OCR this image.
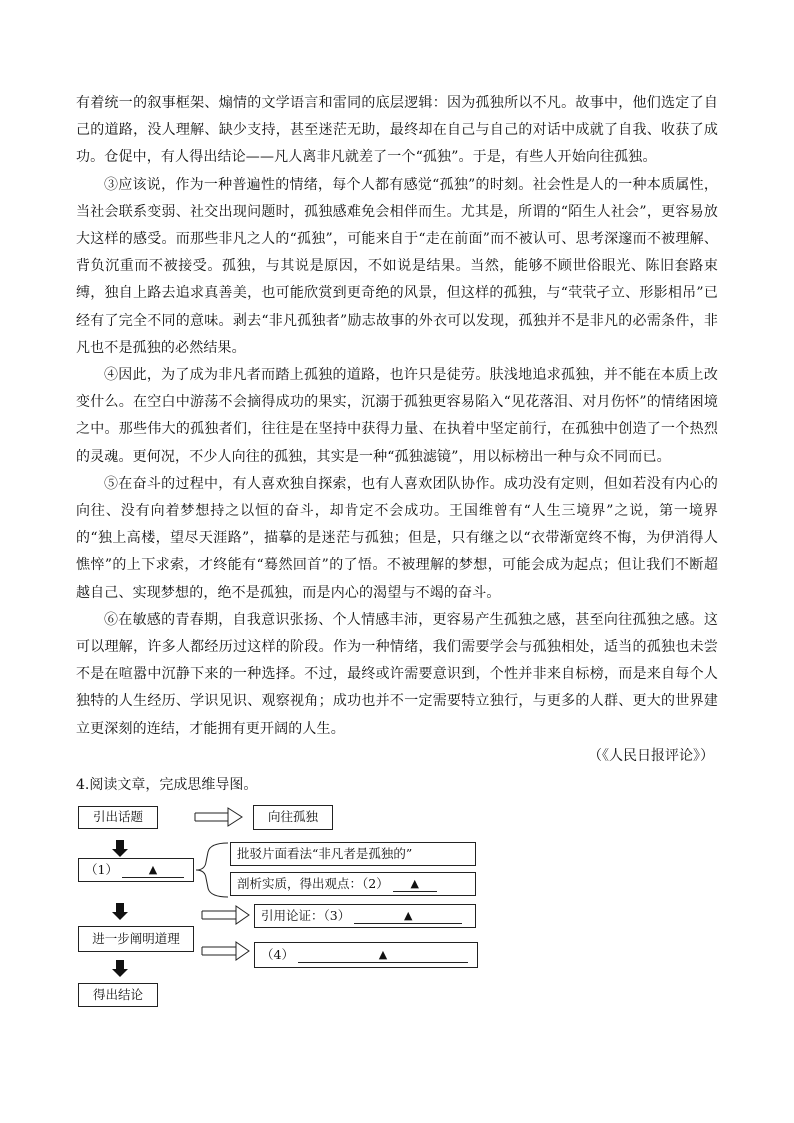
有着统一的叙事框架、煽情的文学语言和雷同的底层逻辑：因为孤独所以不凡。故事中，他们选定了自己的道路，没人理解、缺少支持，甚至迷茫无助，最终却在自己与自己的对话中成就了自我、收获了成功。仓促中，有人得出结论——凡人离非凡就差了一个“孤独”。于是，有些人开始向往孤独。

③应该说，作为一种普遍性的情绪，每个人都有感觉“孤独”的时刻。社会性是人的一种本质属性，当社会联系变弱、社交出现问题时，孤独感难免会相伴而生。尤其是，所谓的“陌生人社会”，更容易放大这样的感受。而那些非凡之人的“孤独”，可能来自于“走在前面”而不被认可、思考深邃而不被理解、背负沉重而不被接受。孤独，与其说是原因，不如说是结果。当然，能够不顾世俗眼光、陈旧套路束缚，独自上路去追求真善美，也可能欣赏到更奇绝的风景，但这样的孤独，与“茕茕孑立、形影相吊”已经有了完全不同的意味。剥去“非凡孤独者”励志故事的外衣可以发现，孤独并不是非凡的必需条件，非凡也不是孤独的必然结果。

④因此，为了成为非凡者而踏上孤独的道路，也许只是徒劳。肤浅地追求孤独，并不能在本质上改变什么。在空白中游荡不会摘得成功的果实，沉溺于孤独更容易陷入“见花落泪、对月伤怀”的情绪困境之中。那些伟大的孤独者们，往往是在坚持中获得力量、在执着中坚定前行，在孤独中创造了一个热烈的灵魂。更何况，不少人向往的孤独，其实是一种“孤独滤镜”，用以标榜出一种与众不同而已。

⑤在奋斗的过程中，有人喜欢独自探索，也有人喜欢团队协作。成功没有定则，但如若没有内心的向往、没有向着梦想持之以恒的奋斗，却肯定不会成功。王国维曾有“人生三境界”之说，第一境界的“独上高楼，望尽天涯路”，描摹的是迷茫与孤独；但是，只有继之以“衣带渐宽终不悔，为伊消得人憔悴”的上下求索，才终能有“蓦然回首”的了悟。不被理解的梦想，可能会成为起点；但让我们不断超越自己、实现梦想的，绝不是孤独，而是内心的渴望与不竭的奋斗。

⑥在敏感的青春期，自我意识张扬、个人情感丰沛，更容易产生孤独之感，甚至向往孤独之感。这可以理解，许多人都经历过这样的阶段。作为一种情绪，我们需要学会与孤独相处，适当的孤独也未尝不是在喧嚣中沉静下来的一种选择。不过，最终或许需要意识到，个性并非来自标榜，而是来自每个人独特的人生经历、学识见识、观察视角；成功也并不一定需要特立独行，与更多的人群、更大的世界建立更深刻的连结，才能拥有更开阔的人生。

（《人民日报评论》）

4.阅读文章，完成思维导图。

引出话题	向往孤独
（1）	▲
批驳片面看法“非凡者是孤独的”
剖析实质，得出观点：（2）	▲
引用论证：（3）	▲
进一步阐明道理
（4）	▲
得出结论
